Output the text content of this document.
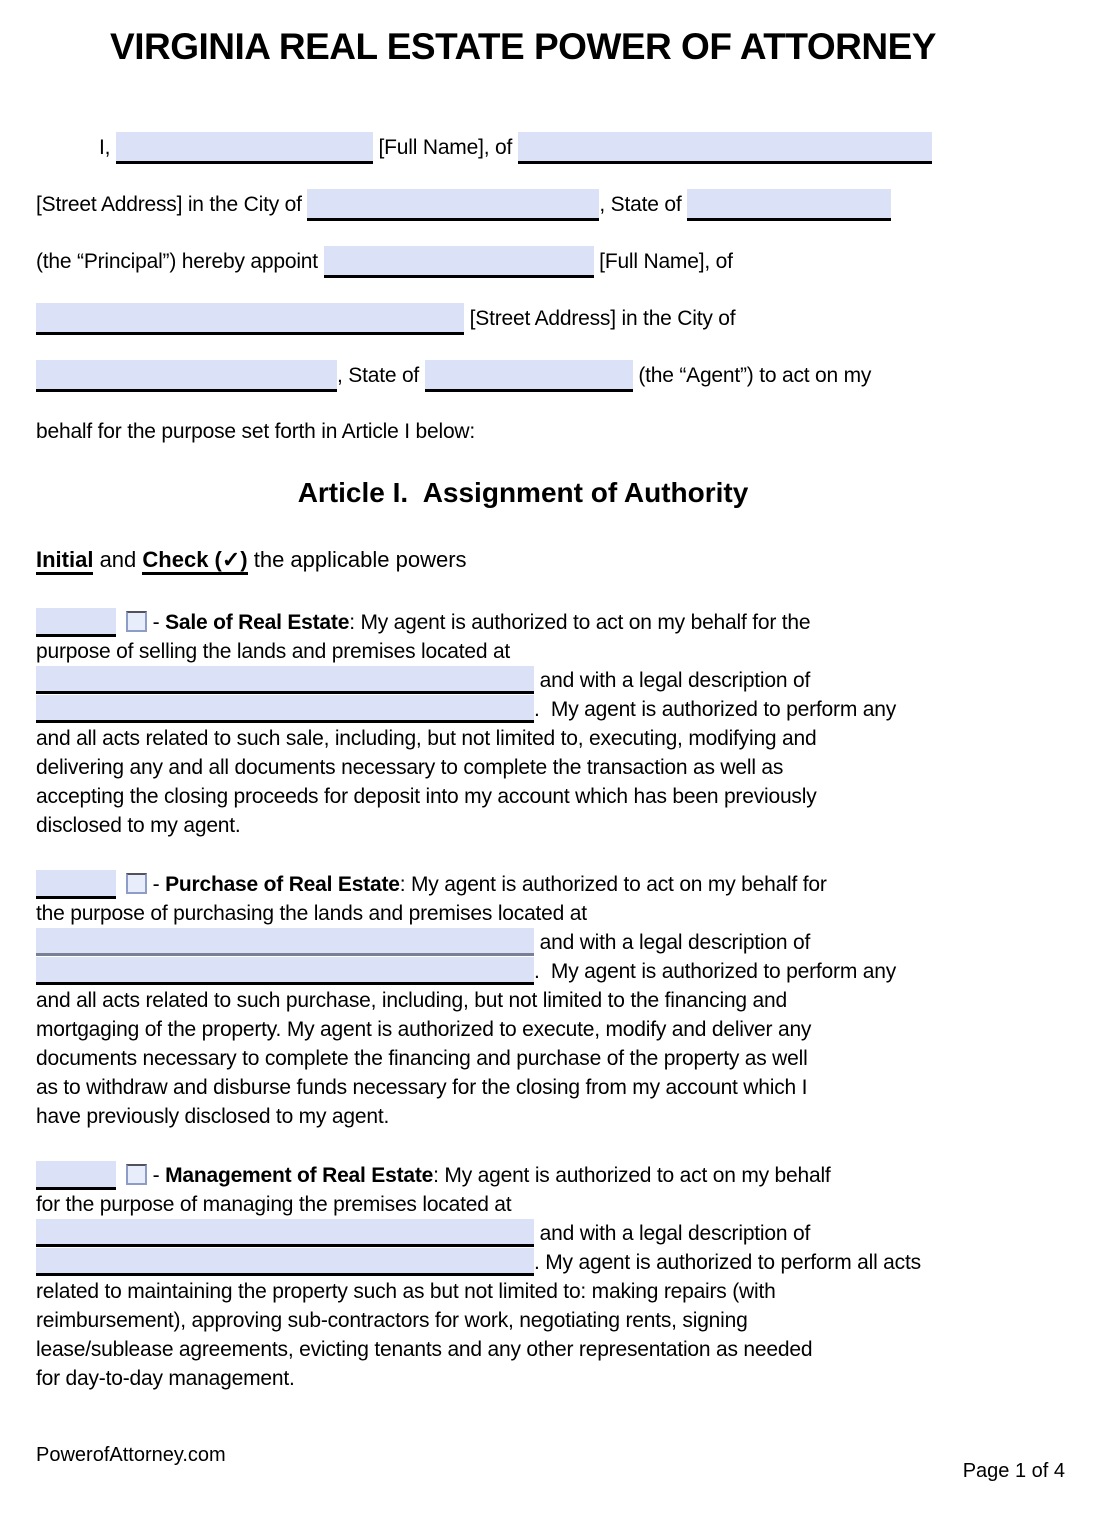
VIRGINIA REAL ESTATE POWER OF ATTORNEY
I,	[Full Name], of
[Street Address] in the City of	, State of
(the “Principal”) hereby appoint	[Full Name], of
[Street Address] in the City of
, State of	(the “Agent”) to act on my
behalf for the purpose set forth in Article I below:
Article I.  Assignment of Authority
Initial and Check (✓) the applicable powers
- Sale of Real Estate: My agent is authorized to act on my behalf for the
purpose of selling the lands and premises located at
and with a legal description of
.  My agent is authorized to perform any
and all acts related to such sale, including, but not limited to, executing, modifying and
delivering any and all documents necessary to complete the transaction as well as
accepting the closing proceeds for deposit into my account which has been previously
disclosed to my agent.
- Purchase of Real Estate: My agent is authorized to act on my behalf for
the purpose of purchasing the lands and premises located at
and with a legal description of
.  My agent is authorized to perform any
and all acts related to such purchase, including, but not limited to the financing and
mortgaging of the property. My agent is authorized to execute, modify and deliver any
documents necessary to complete the financing and purchase of the property as well
as to withdraw and disburse funds necessary for the closing from my account which I
have previously disclosed to my agent.
- Management of Real Estate: My agent is authorized to act on my behalf
for the purpose of managing the premises located at
and with a legal description of
. My agent is authorized to perform all acts
related to maintaining the property such as but not limited to: making repairs (with
reimbursement), approving sub-contractors for work, negotiating rents, signing
lease/sublease agreements, evicting tenants and any other representation as needed
for day-to-day management.
PowerofAttorney.com
Page 1 of 4
